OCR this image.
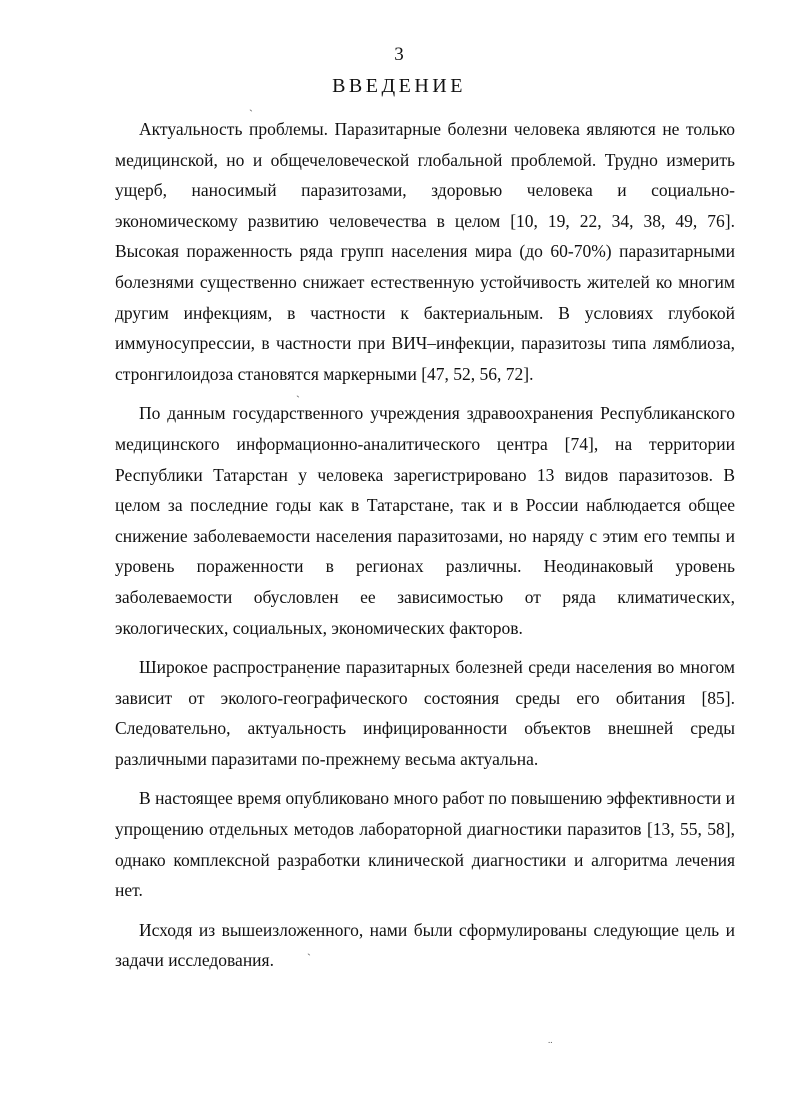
3
ВВЕДЕНИЕ

Актуальность проблемы. Паразитарные болезни человека являются не только медицинской, но и общечеловеческой глобальной проблемой. Трудно измерить ущерб, наносимый паразитозами, здоровью человека и социально-экономическому развитию человечества в целом [10, 19, 22, 34, 38, 49, 76]. Высокая пораженность ряда групп населения мира (до 60-70%) паразитарными болезнями существенно снижает естественную устойчивость жителей ко многим другим инфекциям, в частности к бактериальным. В условиях глубокой иммуносупрессии, в частности при ВИЧ–инфекции, паразитозы типа лямблиоза, стронгилоидоза становятся маркерными [47, 52, 56, 72].

По данным государственного учреждения здравоохранения Республиканского медицинского информационно-аналитического центра [74], на территории Республики Татарстан у человека зарегистрировано 13 видов паразитозов. В целом за последние годы как в Татарстане, так и в России наблюдается общее снижение заболеваемости населения паразитозами, но наряду с этим его темпы и уровень пораженности в регионах различны. Неодинаковый уровень заболеваемости обусловлен ее зависимостью от ряда климатических, экологических, социальных, экономических факторов.

Широкое распространение паразитарных болезней среди населения во многом зависит от эколого-географического состояния среды его обитания [85]. Следовательно, актуальность инфицированности объектов внешней среды различными паразитами по-прежнему весьма актуальна.

В настоящее время опубликовано много работ по повышению эффективности и упрощению отдельных методов лабораторной диагностики паразитов [13, 55, 58], однако комплексной разработки клинической диагностики и алгоритма лечения нет.

Исходя из вышеизложенного, нами были сформулированы следующие цель и задачи исследования.

`
`
`
`
..
